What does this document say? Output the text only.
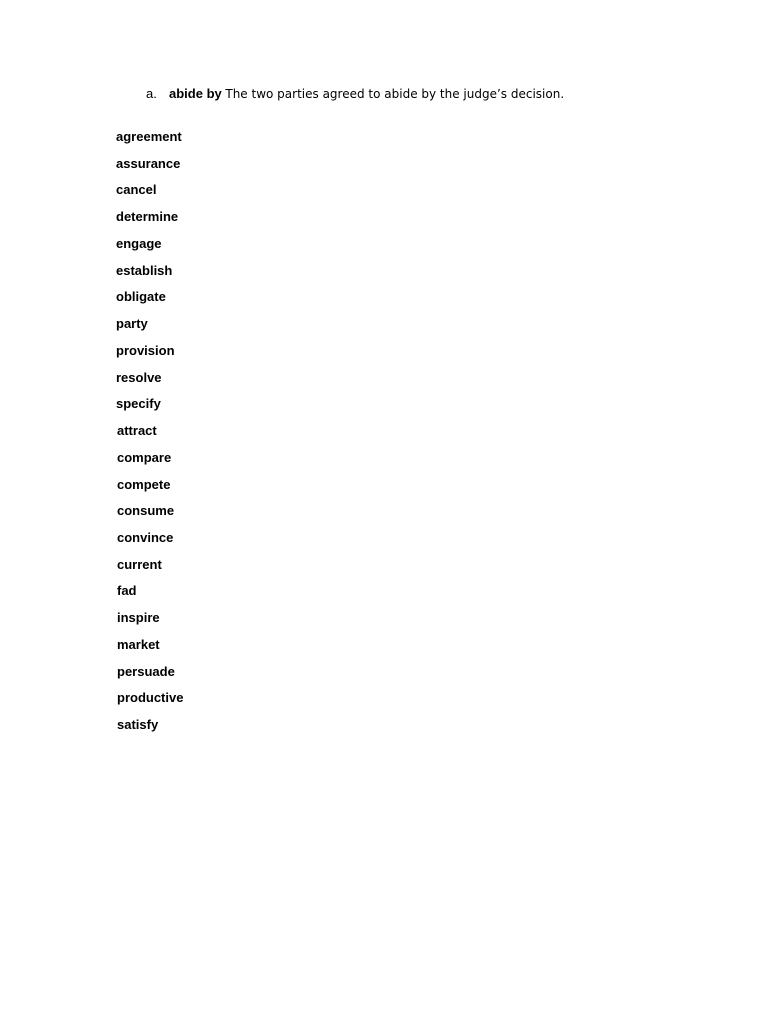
a. abide by The two parties agreed to abide by the judge’s decision.
agreement
assurance
cancel
determine
engage
establish
obligate
party
provision
resolve
specify
attract
compare
compete
consume
convince
current
fad
inspire
market
persuade
productive
satisfy
